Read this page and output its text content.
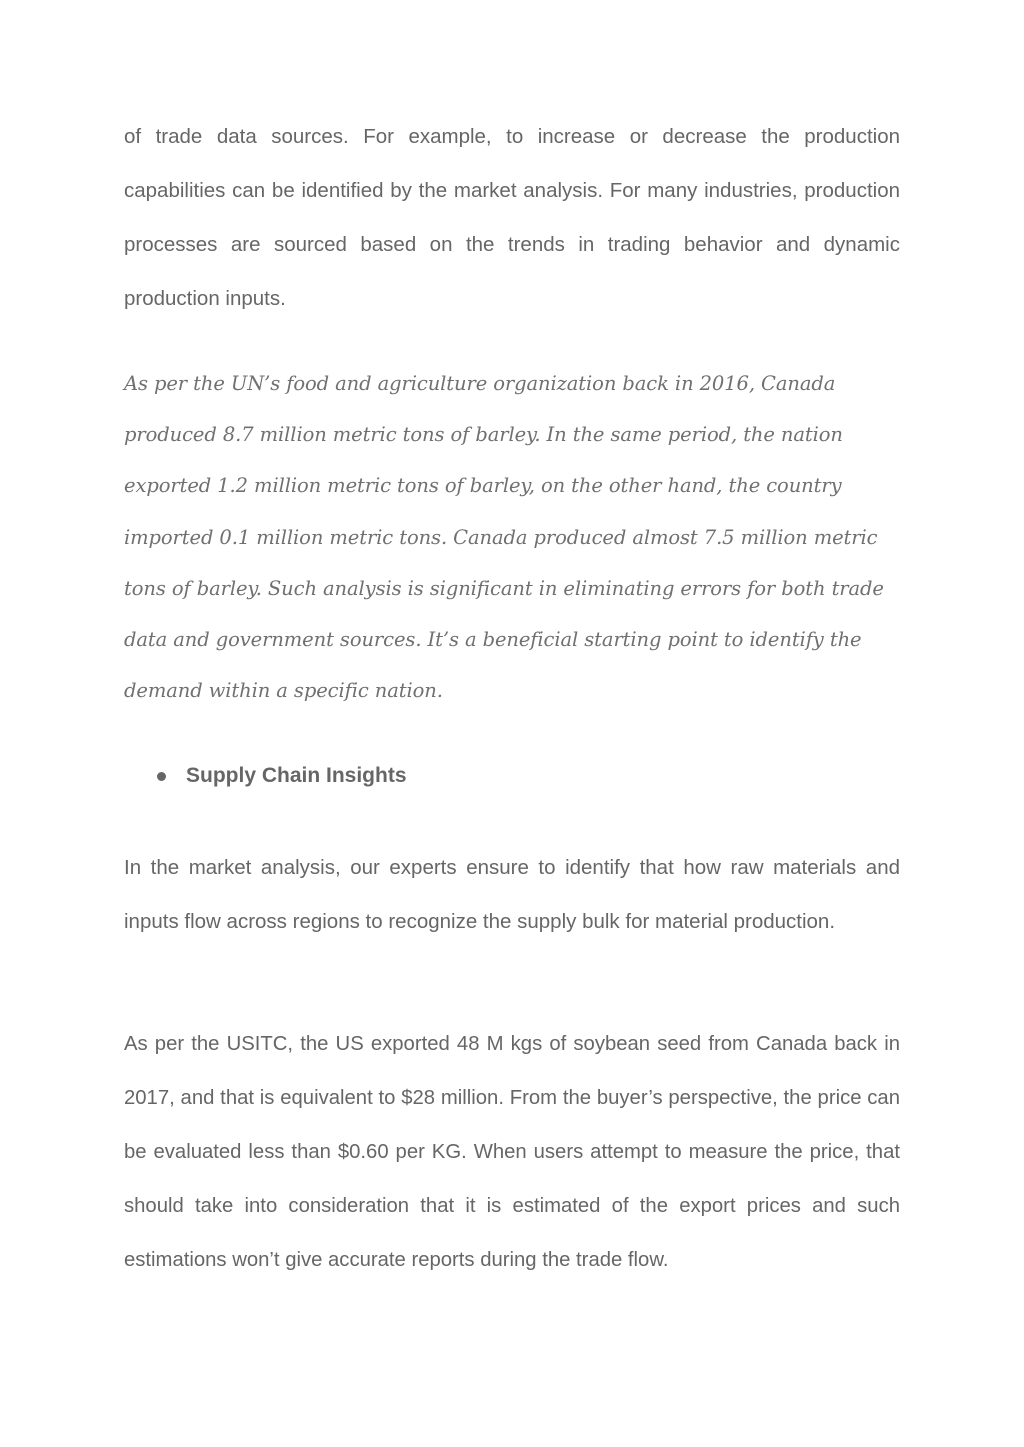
of trade data sources. For example, to increase or decrease the production capabilities can be identified by the market analysis. For many industries, production processes are sourced based on the trends in trading behavior and dynamic production inputs.

As per the UN’s food and agriculture organization back in 2016, Canada produced 8.7 million metric tons of barley. In the same period, the nation exported 1.2 million metric tons of barley, on the other hand, the country imported 0.1 million metric tons. Canada produced almost 7.5 million metric tons of barley. Such analysis is significant in eliminating errors for both trade data and government sources. It’s a beneficial starting point to identify the demand within a specific nation.

Supply Chain Insights

In the market analysis, our experts ensure to identify that how raw materials and inputs flow across regions to recognize the supply bulk for material production.

As per the USITC, the US exported 48 M kgs of soybean seed from Canada back in 2017, and that is equivalent to $28 million. From the buyer’s perspective, the price can be evaluated less than $0.60 per KG. When users attempt to measure the price, that should take into consideration that it is estimated of the export prices and such estimations won’t give accurate reports during the trade flow.
